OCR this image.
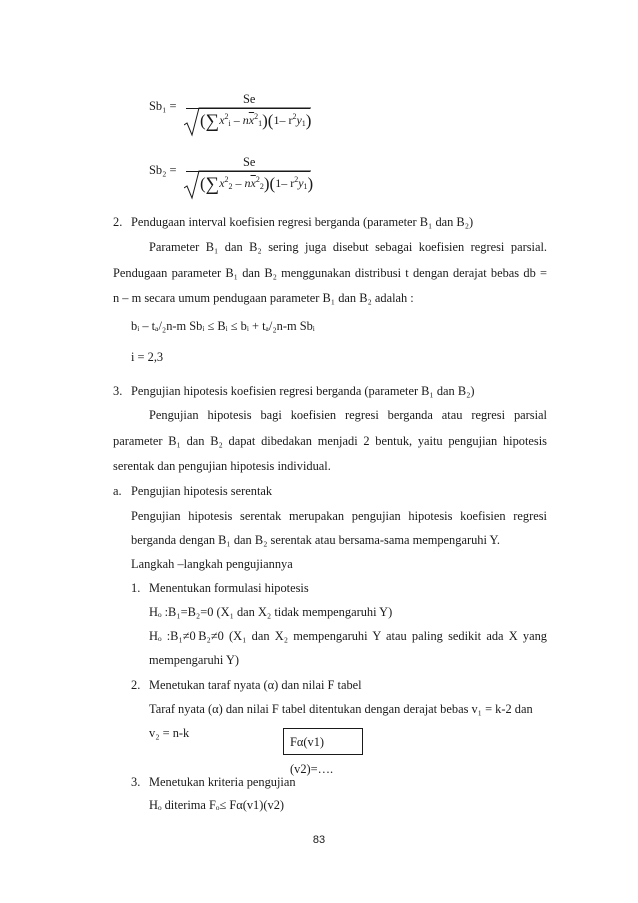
Sb₁ =	Se
$(\sum x^2_i - n\overline{x}^2_1)(1-$ $r^2y_1$)
Sb₂ =
Se
$(\sum x^2_2 - n\overline{x}^2_2)(1-$ $r^2y_1$)
2. Pendugaan interval koefisien regresi berganda (parameter B₁ dan B₂)
Parameter B₁ dan B₂ sering juga disebut sebagai koefisien regresi parsial.
Pendugaan parameter B₁ dan B₂ menggunakan distribusi t dengan derajat bebas db =
n – m secara umum pendugaan parameter B₁ dan B₂ adalah :
bᵢ – tₐ/₂n-m Sbᵢ ≤ Bᵢ ≤ bᵢ + tₐ/₂n-m Sbᵢ
i = 2,3
3. Pengujian hipotesis koefisien regresi berganda (parameter B₁ dan B₂)
Pengujian hipotesis bagi koefisien regresi berganda atau regresi parsial
parameter B₁ dan B₂ dapat dibedakan menjadi 2 bentuk, yaitu pengujian hipotesis
serentak dan pengujian hipotesis individual.
a. Pengujian hipotesis serentak
Pengujian hipotesis serentak merupakan pengujian hipotesis koefisien regresi
berganda dengan B₁ dan B₂ serentak atau bersama-sama mempengaruhi Y.
Langkah –langkah pengujiannya
1. Menentukan formulasi hipotesis
Hₒ :B₁=B₂=0 (X₁ dan X₂ tidak mempengaruhi Y)
Hₒ :B₁≠0 B₂≠0 (X₁ dan X₂ mempengaruhi Y atau paling sedikit ada X yang
mempengaruhi Y)
2. Menetukan taraf nyata (α) dan nilai F tabel
Taraf nyata (α) dan nilai F tabel ditentukan dengan derajat bebas v₁ = k-2 dan
v₂ = n-k
Fα(v1)(v2)=….
3. Menetukan kriteria pengujian
Hₒ diterima Fₒ≤ Fα(v1)(v2)
83
